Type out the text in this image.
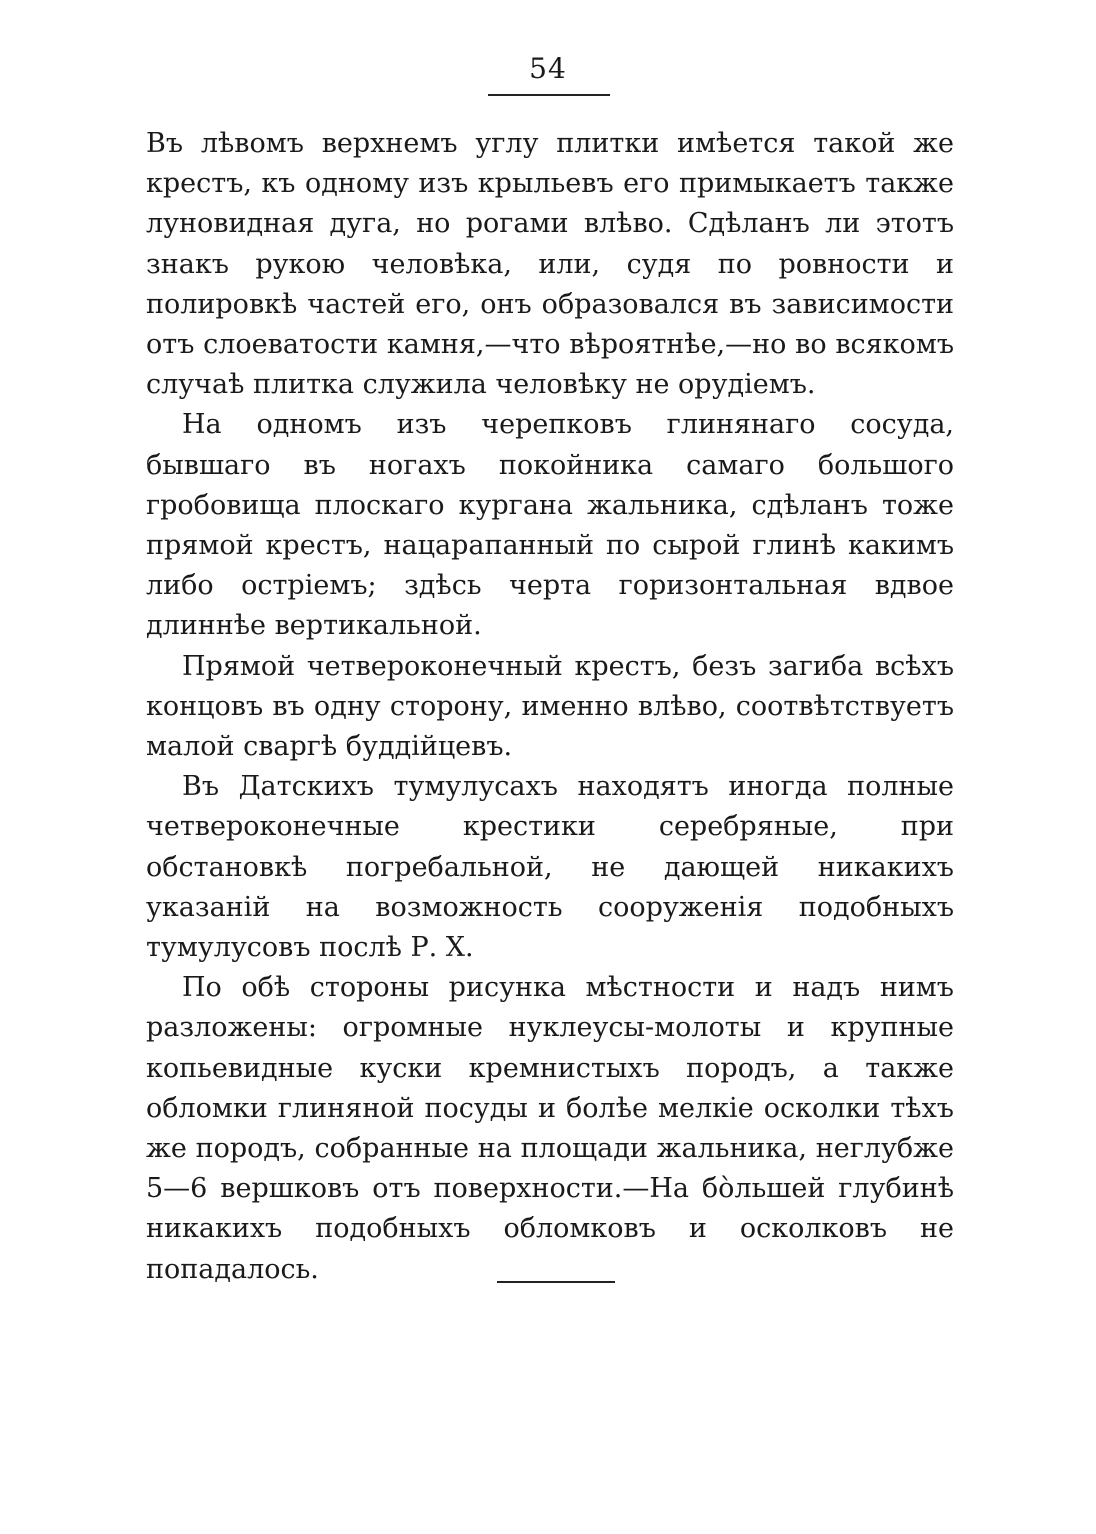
54

Въ лѣвомъ верхнемъ углу плитки имѣется такой же крестъ, къ одному изъ крыльевъ его примыкаетъ также луновидная дуга, но рогами влѣво. Сдѣланъ ли этотъ знакъ рукою человѣка, или, судя по ровности и полировкѣ частей его, онъ образовался въ зависимости отъ слоеватости камня,—что вѣроятнѣе,—но во всякомъ случаѣ плитка служила человѣку не орудіемъ.

На одномъ изъ черепковъ глинянаго сосуда, бывшаго въ ногахъ покойника самаго большого гробовища плоскаго кургана жальника, сдѣланъ тоже прямой крестъ, нацарапанный по сырой глинѣ какимъ либо остріемъ; здѣсь черта горизонтальная вдвое длиннѣе вертикальной.

Прямой четвероконечный крестъ, безъ загиба всѣхъ концовъ въ одну сторону, именно влѣво, соотвѣтствуетъ малой сваргѣ буддійцевъ.

Въ Датскихъ тумулусахъ находятъ иногда полные четвероконечные крестики серебряные, при обстановкѣ погребальной, не дающей никакихъ указаній на возможность сооруженія подобныхъ тумулусовъ послѣ Р. Х.

По обѣ стороны рисунка мѣстности и надъ нимъ разложены: огромные нуклеусы-молоты и крупные копьевидные куски кремнистыхъ породъ, а также обломки глиняной посуды и болѣе мелкіе осколки тѣхъ же породъ, собранные на площади жальника, неглубже 5—6 вершковъ отъ поверхности.—На бòльшей глубинѣ никакихъ подобныхъ обломковъ и осколковъ не попадалось.
